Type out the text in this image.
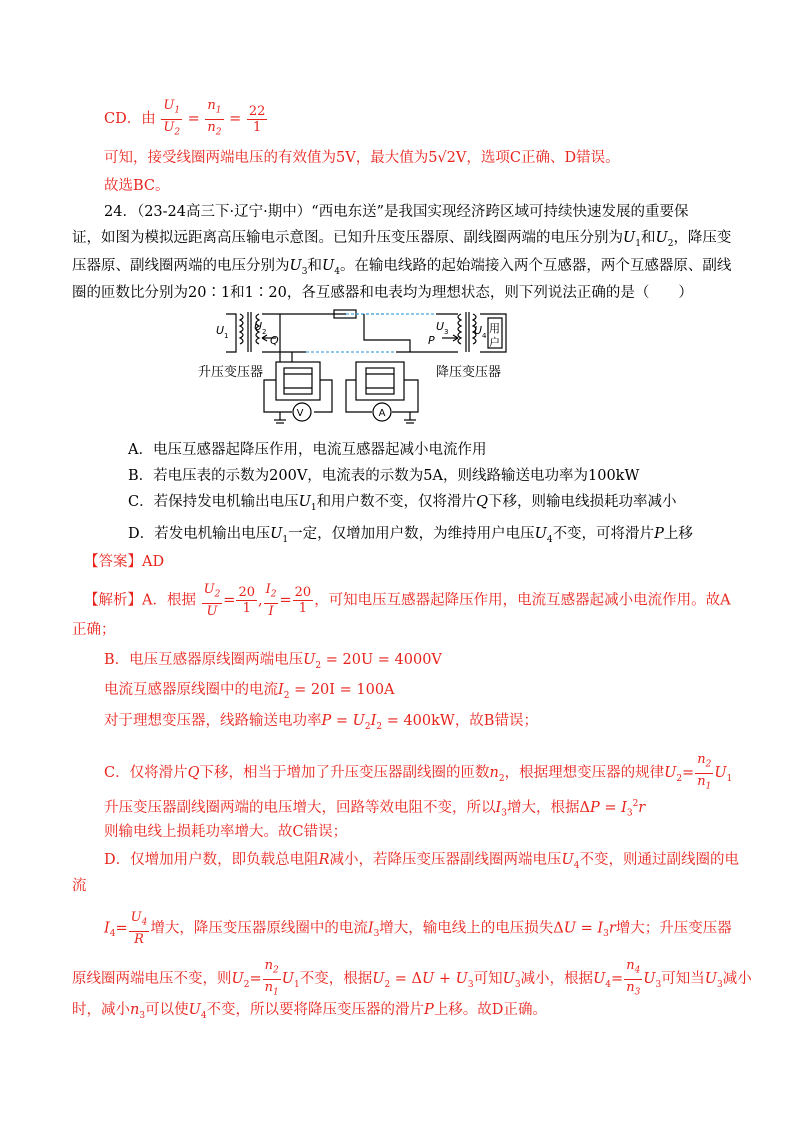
CD．由 $\frac{U_1}{U_2} = \frac{n_1}{n_2} = \frac{22}{1}$
可知，接受线圈两端电压的有效值为5V，最大值为5√2V，选项C正确、D错误。
故选BC。
24．（23-24高三下·辽宁·期中）“西电东送”是我国实现经济跨区域可持续快速发展的重要保
证，如图为模拟远距离高压输电示意图。已知升压变压器原、副线圈两端的电压分别为$U_1$和$U_2$，降压变
压器原、副线圈两端的电压分别为$U_3$和$U_4$。在输电线路的起始端接入两个互感器，两个互感器原、副线
圈的匝数比分别为20∶1和1∶20，各互感器和电表均为理想状态，则下列说法正确的是（　　）
V	A
U 1
U 2
Q
U 3
P
U 4
用
户
升压变压器	降压变压器
A．电压互感器起降压作用，电流互感器起减小电流作用
B．若电压表的示数为200V，电流表的示数为5A，则线路输送电功率为100kW
C．若保持发电机输出电压$U_1$和用户数不变，仅将滑片Q下移，则输电线损耗功率减小
D．若发电机输出电压$U_1$一定，仅增加用户数，为维持用户电压$U_4$不变，可将滑片P上移
【答案】AD
【解析】A．根据 $\frac{U_2}{U} = \frac{20}{1}$ , $\frac{I_2}{I} = \frac{20}{1}$ ，可知电压互感器起降压作用，电流互感器起减小电流作用。故A
正确；
B．电压互感器原线圈两端电压$U_2 = 20U = 4000V$
电流互感器原线圈中的电流$I_2 = 20I = 100A$
对于理想变压器，线路输送电功率$P = U_2I_2 = 400kW$，故B错误；
C．仅将滑片Q下移，相当于增加了升压变压器副线圈的匝数$n_2$，根据理想变压器的规律$U_2= \frac{n_2}{n_1} U_1$
升压变压器副线圈两端的电压增大，回路等效电阻不变，所以$I_3$增大，根据$\Delta P = I_3^2r$
则输电线上损耗功率增大。故C错误；
D．仅增加用户数，即负载总电阻R减小，若降压变压器副线圈两端电压$U_4$不变，则通过副线圈的电
流
$I_4= \frac{U_4}{R}$ 增大，降压变压器原线圈中的电流$I_3$增大，输电线上的电压损失$\Delta U = I_3r$增大；升压变压器
原线圈两端电压不变，则$U_2= \frac{n_2}{n_1} U_1$不变，根据$U_2 = \Delta U + U_3$可知$U_3$减小，根据$U_4= \frac{n_4}{n_3} U_3$可知当$U_3$减小
时，减小$n_3$可以使$U_4$不变，所以要将降压变压器的滑片P上移。故D正确。
